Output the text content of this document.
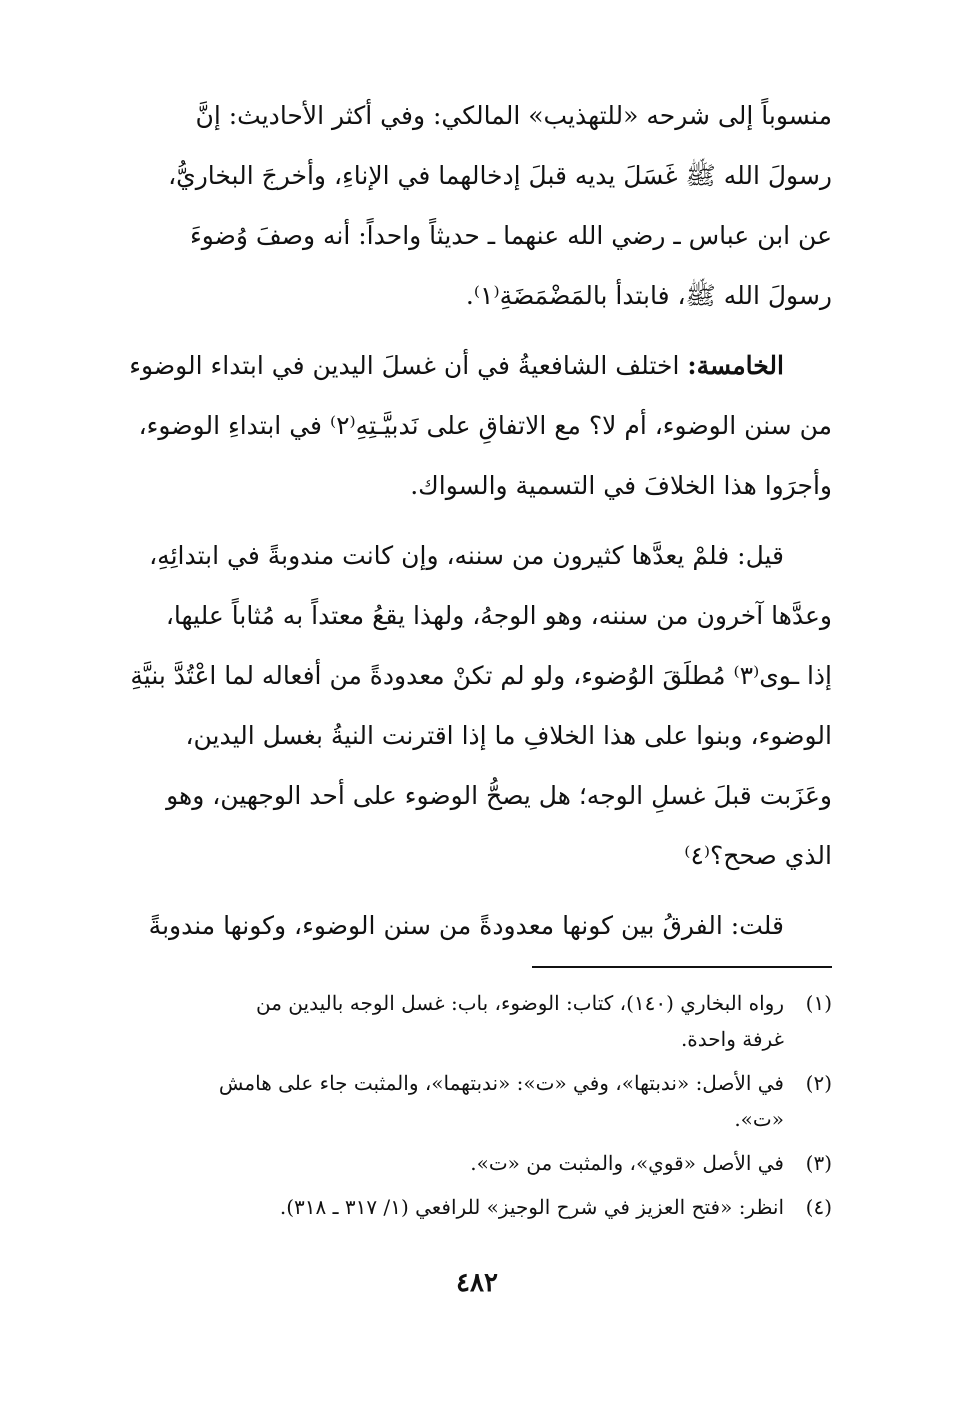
منسوباً إلى شرحه «للتهذيب» المالكي: وفي أكثر الأحاديث: إنَّ
رسولَ الله ﷺ غَسَلَ يديه قبلَ إدخالهما في الإناءِ، وأخرجَ البخاريُّ،
عن ابن عباس ـ رضي الله عنهما ـ حديثاً واحداً: أنه وصفَ وُضوءَ
رسولَ الله ﷺ، فابتدأ بالمَضْمَضَةِ⁽١⁾.
الخامسة: اختلف الشافعيةُ في أن غسلَ اليدين في ابتداء الوضوء
من سنن الوضوء، أم لا؟ مع الاتفاقِ على نَدبيَّـتِهِ⁽٢⁾ في ابتداءِ الوضوء،
وأجرَوا هذا الخلافَ في التسمية والسواك.
قيل: فلمْ يعدَّها كثيرون من سننه، وإن كانت مندوبةً في ابتدائِهِ،
وعدَّها آخرون من سننه، وهو الوجهُ، ولهذا يقعُ معتداً به مُثاباً عليها،
إذا ـوى⁽٣⁾ مُطلَقَ الوُضوء، ولو لم تكنْ معدودةً من أفعاله لما اعْتُدَّ بنيَّةِ
الوضوء، وبنوا على هذا الخلافِ ما إذا اقترنت النيةُ بغسل اليدين،
وعَزَبت قبلَ غسلِ الوجه؛ هل يصحُّ الوضوء على أحد الوجهين، وهو
الذي صحح؟⁽٤⁾
قلت: الفرقُ بين كونها معدودةً من سنن الوضوء، وكونها مندوبةً
(١)
رواه البخاري (١٤٠)، كتاب: الوضوء، باب: غسل الوجه باليدين من
غرفة واحدة.
(٢)
في الأصل: «ندبتها»، وفي «ت»: «ندبتهما»، والمثبت جاء على هامش
«ت».
(٣)
في الأصل «قوي»، والمثبت من «ت».
(٤)
انظر: «فتح العزيز في شرح الوجيز» للرافعي (١/ ٣١٧ ـ ٣١٨).
٤٨٢
